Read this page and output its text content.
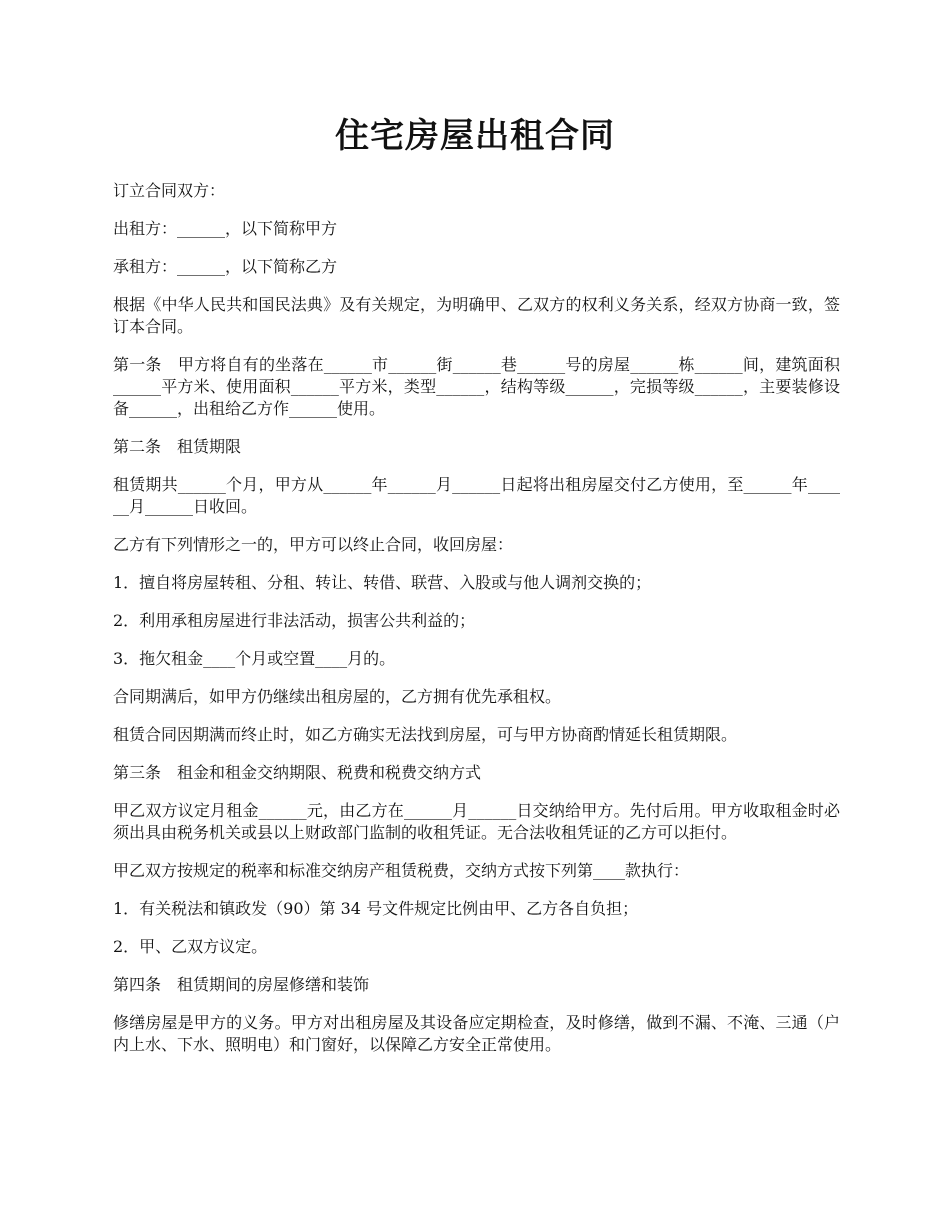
住宅房屋出租合同

订立合同双方：

出租方：______，以下简称甲方

承租方：______，以下简称乙方

根据《中华人民共和国民法典》及有关规定，为明确甲、乙双方的权利义务关系，经双方协商一致，签订本合同。

第一条　甲方将自有的坐落在______市______街______巷______号的房屋______栋______间，建筑面积______平方米、使用面积______平方米，类型______，结构等级______，完损等级______，主要装修设备______，出租给乙方作______使用。

第二条　租赁期限

租赁期共______个月，甲方从______年______月______日起将出租房屋交付乙方使用，至______年______月______日收回。

乙方有下列情形之一的，甲方可以终止合同，收回房屋：

1．擅自将房屋转租、分租、转让、转借、联营、入股或与他人调剂交换的；

2．利用承租房屋进行非法活动，损害公共利益的；

3．拖欠租金____个月或空置____月的。

合同期满后，如甲方仍继续出租房屋的，乙方拥有优先承租权。

租赁合同因期满而终止时，如乙方确实无法找到房屋，可与甲方协商酌情延长租赁期限。

第三条　租金和租金交纳期限、税费和税费交纳方式

甲乙双方议定月租金______元，由乙方在______月______日交纳给甲方。先付后用。甲方收取租金时必须出具由税务机关或县以上财政部门监制的收租凭证。无合法收租凭证的乙方可以拒付。

甲乙双方按规定的税率和标准交纳房产租赁税费，交纳方式按下列第____款执行：

1．有关税法和镇政发（90）第 34 号文件规定比例由甲、乙方各自负担；

2．甲、乙双方议定。

第四条　租赁期间的房屋修缮和装饰

修缮房屋是甲方的义务。甲方对出租房屋及其设备应定期检查，及时修缮，做到不漏、不淹、三通（户内上水、下水、照明电）和门窗好，以保障乙方安全正常使用。
